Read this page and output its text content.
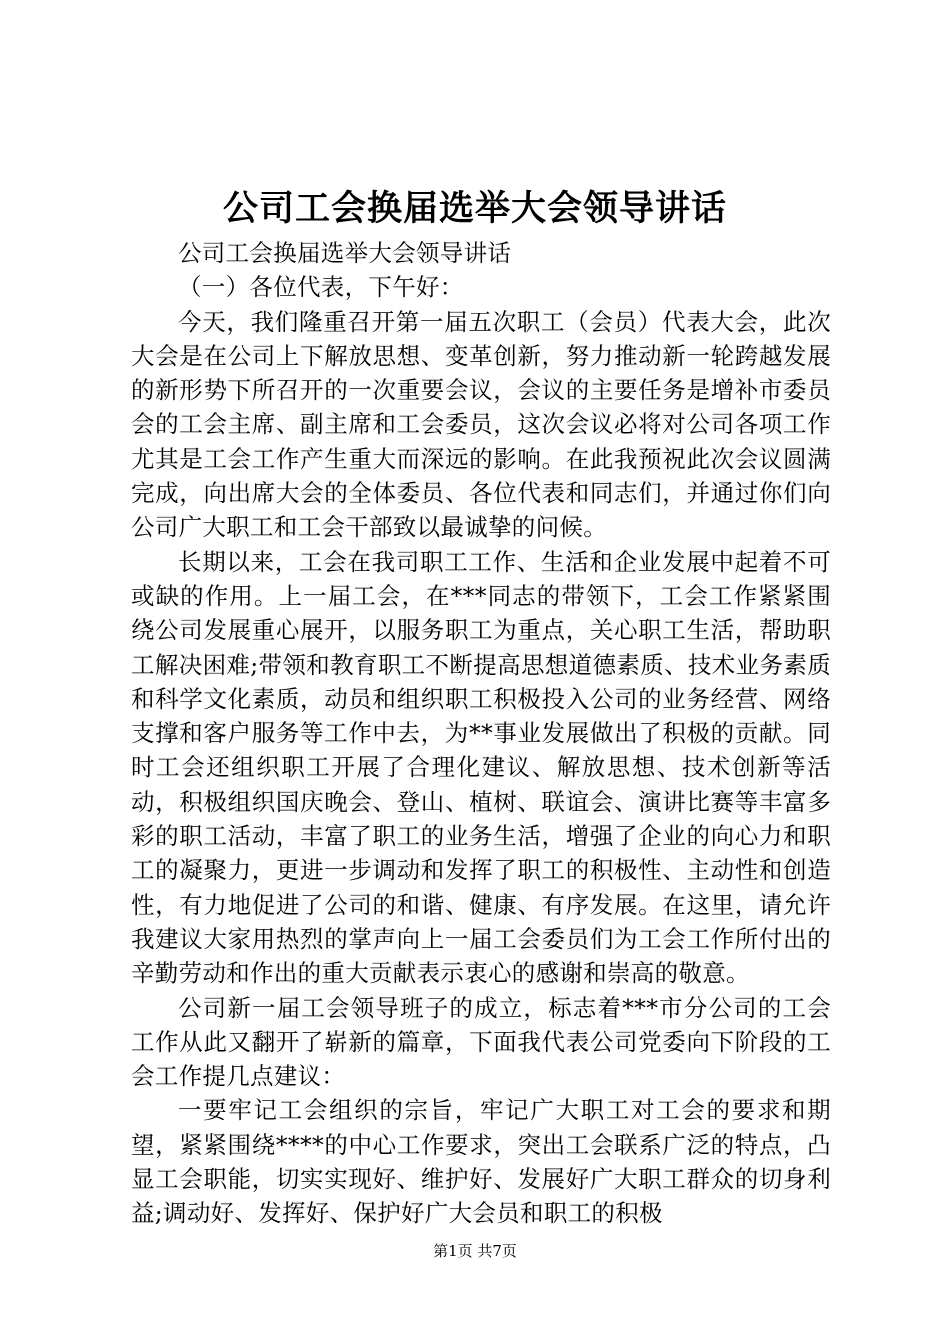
公司工会换届选举大会领导讲话

公司工会换届选举大会领导讲话

（一）各位代表，下午好：

今天，我们隆重召开第一届五次职工（会员）代表大会，此次大会是在公司上下解放思想、变革创新，努力推动新一轮跨越发展的新形势下所召开的一次重要会议，会议的主要任务是增补市委员会的工会主席、副主席和工会委员，这次会议必将对公司各项工作尤其是工会工作产生重大而深远的影响。在此我预祝此次会议圆满完成，向出席大会的全体委员、各位代表和同志们，并通过你们向公司广大职工和工会干部致以最诚挚的问候。

长期以来，工会在我司职工工作、生活和企业发展中起着不可或缺的作用。上一届工会，在***同志的带领下，工会工作紧紧围绕公司发展重心展开，以服务职工为重点，关心职工生活，帮助职工解决困难;带领和教育职工不断提高思想道德素质、技术业务素质和科学文化素质，动员和组织职工积极投入公司的业务经营、网络支撑和客户服务等工作中去，为**事业发展做出了积极的贡献。同时工会还组织职工开展了合理化建议、解放思想、技术创新等活动，积极组织国庆晚会、登山、植树、联谊会、演讲比赛等丰富多彩的职工活动，丰富了职工的业务生活，增强了企业的向心力和职工的凝聚力，更进一步调动和发挥了职工的积极性、主动性和创造性，有力地促进了公司的和谐、健康、有序发展。在这里，请允许我建议大家用热烈的掌声向上一届工会委员们为工会工作所付出的辛勤劳动和作出的重大贡献表示衷心的感谢和崇高的敬意。

公司新一届工会领导班子的成立，标志着***市分公司的工会工作从此又翻开了崭新的篇章，下面我代表公司党委向下阶段的工会工作提几点建议：

一要牢记工会组织的宗旨，牢记广大职工对工会的要求和期望，紧紧围绕****的中心工作要求，突出工会联系广泛的特点，凸显工会职能，切实实现好、维护好、发展好广大职工群众的切身利益;调动好、发挥好、保护好广大会员和职工的积极

第1页 共7页
